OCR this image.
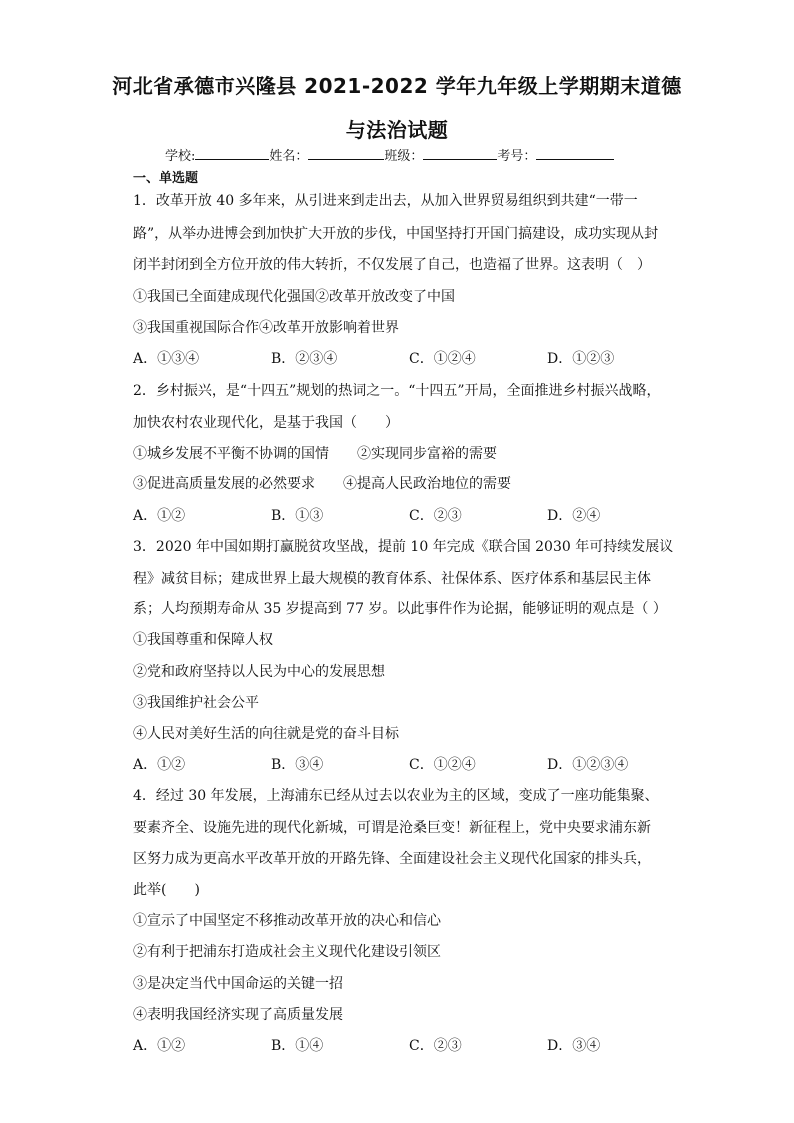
河北省承德市兴隆县 2021-2022 学年九年级上学期期末道德
与法治试题
学校:	姓名：	班级：	考号：
一、单选题
1．改革开放 40 多年来，从引进来到走出去，从加入世界贸易组织到共建“一带一
路”，从举办进博会到加快扩大开放的步伐，中国坚持打开国门搞建设，成功实现从封
闭半封闭到全方位开放的伟大转折，不仅发展了自己，也造福了世界。这表明（　）
①我国已全面建成现代化强国②改革开放改变了中国
③我国重视国际合作④改革开放影响着世界
A．①③④	B．②③④	C．①②④	D．①②③
2．乡村振兴，是“十四五”规划的热词之一。“十四五”开局，全面推进乡村振兴战略，
加快农村农业现代化，是基于我国（　　）
①城乡发展不平衡不协调的国情　　②实现同步富裕的需要
③促进高质量发展的必然要求　　④提高人民政治地位的需要
A．①②	B．①③	C．②③	D．②④
3．2020 年中国如期打赢脱贫攻坚战，提前 10 年完成《联合国 2030 年可持续发展议
程》减贫目标；建成世界上最大规模的教育体系、社保体系、医疗体系和基层民主体
系；人均预期寿命从 35 岁提高到 77 岁。以此事件作为论据，能够证明的观点是（ ）
①我国尊重和保障人权
②党和政府坚持以人民为中心的发展思想
③我国维护社会公平
④人民对美好生活的向往就是党的奋斗目标
A．①②	B．③④	C．①②④	D．①②③④
4．经过 30 年发展，上海浦东已经从过去以农业为主的区域，变成了一座功能集聚、
要素齐全、设施先进的现代化新城，可谓是沧桑巨变！新征程上，党中央要求浦东新
区努力成为更高水平改革开放的开路先锋、全面建设社会主义现代化国家的排头兵，
此举(　　)
①宣示了中国坚定不移推动改革开放的决心和信心
②有利于把浦东打造成社会主义现代化建设引领区
③是决定当代中国命运的关键一招
④表明我国经济实现了高质量发展
A．①②	B．①④	C．②③	D．③④
